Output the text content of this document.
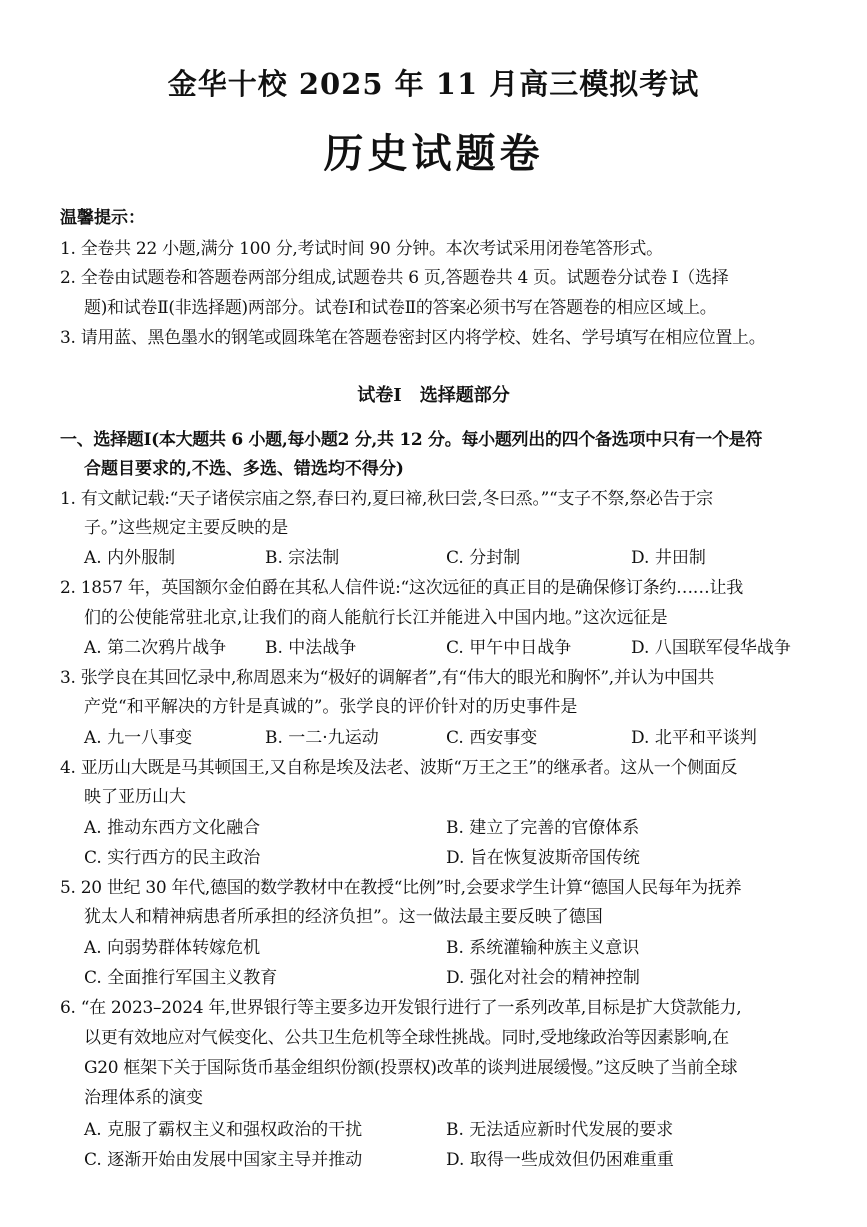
金华十校 2025 年 11 月高三模拟考试
历史试题卷
温馨提示：
1. 全卷共 22 小题,满分 100 分,考试时间 90 分钟。本次考试采用闭卷笔答形式。
2. 全卷由试题卷和答题卷两部分组成,试题卷共 6 页,答题卷共 4 页。试题卷分试卷 Ⅰ（选择
题)和试卷Ⅱ(非选择题)两部分。试卷Ⅰ和试卷Ⅱ的答案必须书写在答题卷的相应区域上。
3. 请用蓝、黑色墨水的钢笔或圆珠笔在答题卷密封区内将学校、姓名、学号填写在相应位置上。
试卷Ⅰ　选择题部分
一、选择题Ⅰ(本大题共 6 小题,每小题2 分,共 12 分。每小题列出的四个备选项中只有一个是符
合题目要求的,不选、多选、错选均不得分)
1. 有文献记载:“天子诸侯宗庙之祭,春曰礿,夏曰禘,秋曰尝,冬曰烝。”“支子不祭,祭必告于宗
子。”这些规定主要反映的是
A. 内外服制	B. 宗法制	C. 分封制	D. 井田制
2. 1857 年，英国额尔金伯爵在其私人信件说:“这次远征的真正目的是确保修订条约……让我
们的公使能常驻北京,让我们的商人能航行长江并能进入中国内地。”这次远征是
A. 第二次鸦片战争 B. 中法战争	C. 甲午中日战争	D. 八国联军侵华战争
3. 张学良在其回忆录中,称周恩来为“极好的调解者”,有“伟大的眼光和胸怀”,并认为中国共
产党“和平解决的方针是真诚的”。张学良的评价针对的历史事件是
A. 九一八事变	B. 一二·九运动	C. 西安事变	D. 北平和平谈判
4. 亚历山大既是马其顿国王,又自称是埃及法老、波斯“万王之王”的继承者。这从一个侧面反
映了亚历山大
A. 推动东西方文化融合	B. 建立了完善的官僚体系
C. 实行西方的民主政治	D. 旨在恢复波斯帝国传统
5. 20 世纪 30 年代,德国的数学教材中在教授“比例”时,会要求学生计算“德国人民每年为抚养
犹太人和精神病患者所承担的经济负担”。这一做法最主要反映了德国
A. 向弱势群体转嫁危机	B. 系统灌输种族主义意识
C. 全面推行军国主义教育	D. 强化对社会的精神控制
6. “在 2023–2024 年,世界银行等主要多边开发银行进行了一系列改革,目标是扩大贷款能力,
以更有效地应对气候变化、公共卫生危机等全球性挑战。同时,受地缘政治等因素影响,在
G20 框架下关于国际货币基金组织份额(投票权)改革的谈判进展缓慢。”这反映了当前全球
治理体系的演变
A. 克服了霸权主义和强权政治的干扰	B. 无法适应新时代发展的要求
C. 逐渐开始由发展中国家主导并推动	D. 取得一些成效但仍困难重重
